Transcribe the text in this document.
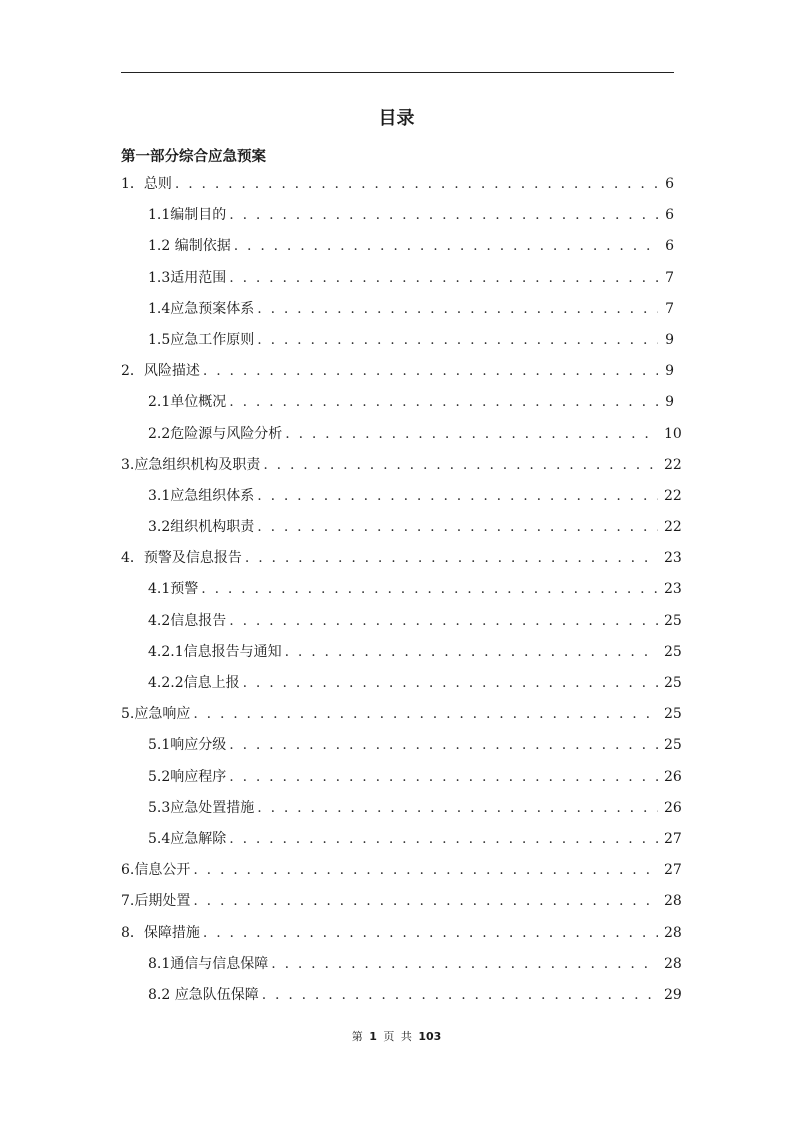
目录
第一部分综合应急预案
1．总则 . . .	6
1.1编制目的 . . .	6
1.2 编制依据 . . .	6
1.3适用范围 . . .	7
1.4应急预案体系 . . .	7
1.5应急工作原则 . . .	9
2．风险描述 . . .	9
2.1单位概况 . . .	9
2.2危险源与风险分析 . . .	10
3.应急组织机构及职责 . . .	22
3.1应急组织体系 . . .	22
3.2组织机构职责 . . .	22
4．预警及信息报告 . . .	23
4.1预警 . . .	23
4.2信息报告 . . .	25
4.2.1信息报告与通知 . . .	25
4.2.2信息上报 . . .	25
5.应急响应 . . .	25
5.1响应分级 . . .	25
5.2响应程序 . . .	26
5.3应急处置措施 . . .	26
5.4应急解除 . . .	27
6.信息公开 . . .	27
7.后期处置 . . .	28
8．保障措施 . . .	28
8.1通信与信息保障 . . .	28
8.2 应急队伍保障 . . .	29
第 1 页 共 103
